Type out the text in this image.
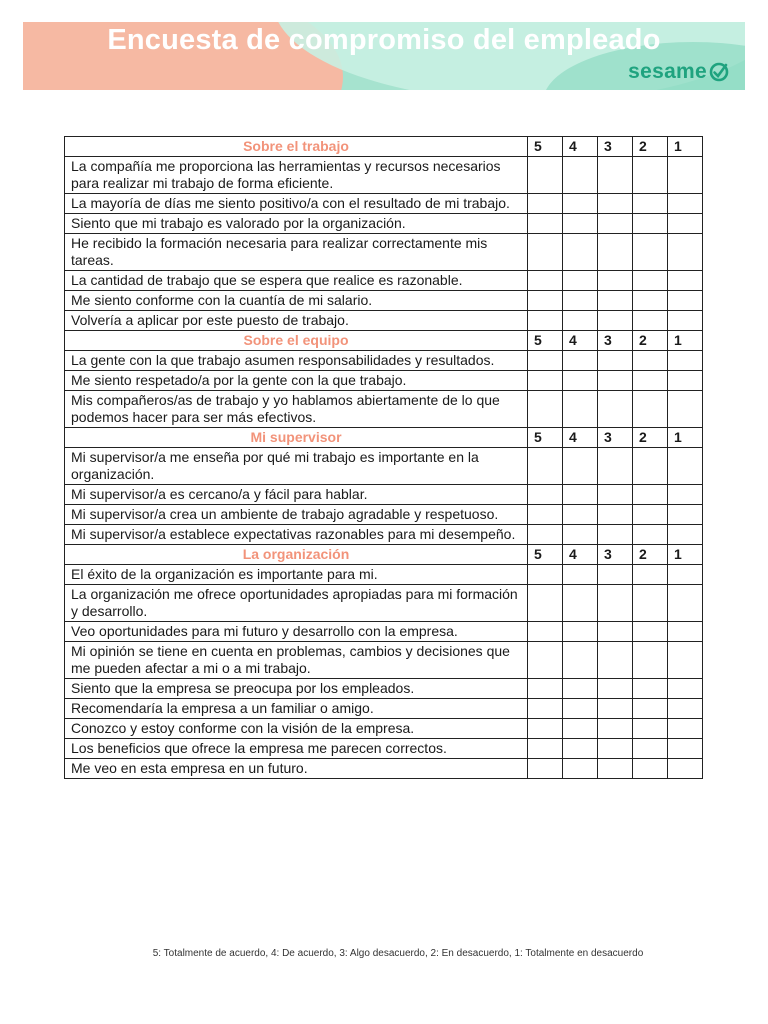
Encuesta de compromiso del empleado
sesame
Sobre el trabajo	5	4	3	2	1
La compañía me proporciona las herramientas y recursos necesarios para realizar mi trabajo de forma eficiente.					
La mayoría de días me siento positivo/a con el resultado de mi trabajo.					
Siento que mi trabajo es valorado por la organización.					
He recibido la formación necesaria para realizar correctamente mis tareas.					
La cantidad de trabajo que se espera que realice es razonable.					
Me siento conforme con la cuantía de mi salario.					
Volvería a aplicar por este puesto de trabajo.					
Sobre el equipo	5	4	3	2	1
La gente con la que trabajo asumen responsabilidades y resultados.					
Me siento respetado/a por la gente con la que trabajo.					
Mis compañeros/as de trabajo y yo hablamos abiertamente de lo que podemos hacer para ser más efectivos.					
Mi supervisor	5	4	3	2	1
Mi supervisor/a me enseña por qué mi trabajo es importante en la organización.					
Mi supervisor/a es cercano/a y fácil para hablar.					
Mi supervisor/a crea un ambiente de trabajo agradable y respetuoso.					
Mi supervisor/a establece expectativas razonables para mi desempeño.					
La organización	5	4	3	2	1
El éxito de la organización es importante para mi.					
La organización me ofrece oportunidades apropiadas para mi formación y desarrollo.					
Veo oportunidades para mi futuro y desarrollo con la empresa.					
Mi opinión se tiene en cuenta en problemas, cambios y decisiones que me pueden afectar a mi o a mi trabajo.					
Siento que la empresa se preocupa por los empleados.					
Recomendaría la empresa a un familiar o amigo.					
Conozco y estoy conforme con la visión de la empresa.					
Los beneficios que ofrece la empresa me parecen correctos.					
Me veo en esta empresa en un futuro.					
5: Totalmente de acuerdo, 4: De acuerdo, 3: Algo desacuerdo, 2: En desacuerdo, 1: Totalmente en desacuerdo
